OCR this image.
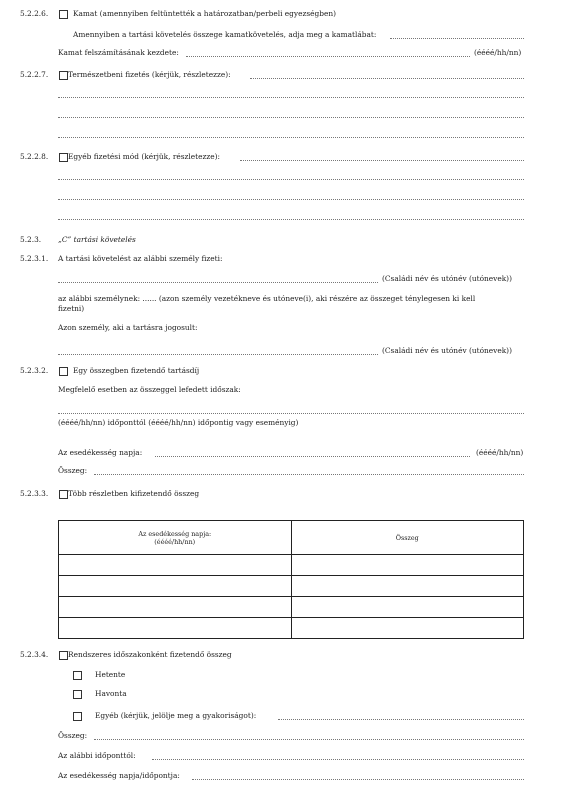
5.2.2.6.	Kamat (amennyiben feltüntették a határozatban/perbeli egyezségben)
Amennyiben a tartási követelés összege kamatkövetelés, adja meg a kamatlábat:
Kamat felszámításának kezdete:	(éééé/hh/nn)
5.2.2.7.	Természetbeni fizetés (kérjük, részletezze):
5.2.2.8.	Egyéb fizetési mód (kérjük, részletezze):
5.2.3. „C” tartási követelés
5.2.3.1. A tartási követelést az alábbi személy fizeti:
(Családi név és utónév (utónevek))
az alábbi személynek: ...... (azon személy vezetékneve és utóneve(i), aki részére az összeget ténylegesen ki kell
fizetni)
Azon személy, aki a tartásra jogosult:
(Családi név és utónév (utónevek))
5.2.3.2.	Egy összegben fizetendő tartásdíj
Megfelelő esetben az összeggel lefedett időszak:
(éééé/hh/nn) időponttól (éééé/hh/nn) időpontig vagy eseményig)
Az esedékesség napja:	(éééé/hh/nn)
Összeg:
5.2.3.3.	Több részletben kifizetendő összeg
Az esedékesség napja:
(éééé/hh/nn)	Összeg

5.2.3.4.	Rendszeres időszakonként fizetendő összeg
Hetente
Havonta
Egyéb (kérjük, jelölje meg a gyakoriságot):
Összeg:
Az alábbi időponttól:
Az esedékesség napja/időpontja:
